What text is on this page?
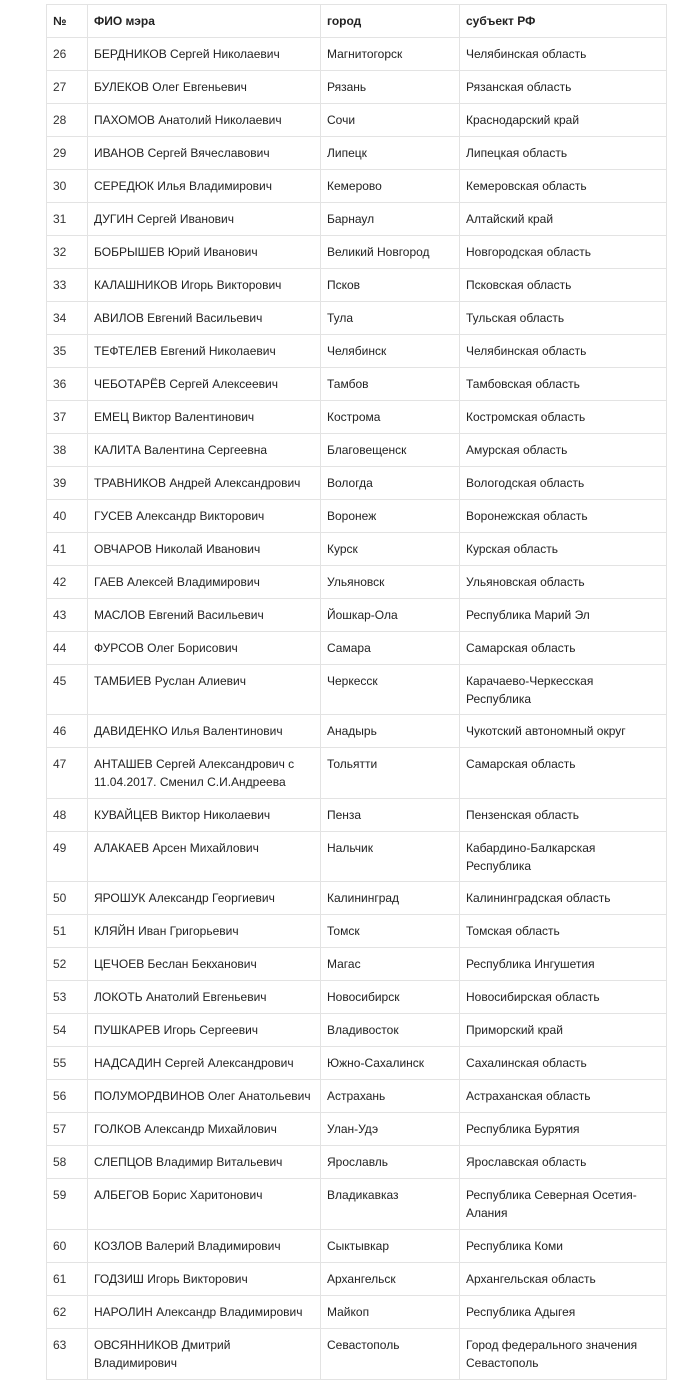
№	ФИО мэра	город	субъект РФ
26	БЕРДНИКОВ Сергей Николаевич	Магнитогорск	Челябинская область
27	БУЛЕКОВ Олег Евгеньевич	Рязань	Рязанская область
28	ПАХОМОВ Анатолий Николаевич	Сочи	Краснодарский край
29	ИВАНОВ Сергей Вячеславович	Липецк	Липецкая область
30	СЕРЕДЮК Илья Владимирович	Кемерово	Кемеровская область
31	ДУГИН Сергей Иванович	Барнаул	Алтайский край
32	БОБРЫШЕВ Юрий Иванович	Великий Новгород	Новгородская область
33	КАЛАШНИКОВ Игорь Викторович	Псков	Псковская область
34	АВИЛОВ Евгений Васильевич	Тула	Тульская область
35	ТЕФТЕЛЕВ Евгений Николаевич	Челябинск	Челябинская область
36	ЧЕБОТАРЁВ Сергей Алексеевич	Тамбов	Тамбовская область
37	ЕМЕЦ Виктор Валентинович	Кострома	Костромская область
38	КАЛИТА Валентина Сергеевна	Благовещенск	Амурская область
39	ТРАВНИКОВ Андрей Александрович	Вологда	Вологодская область
40	ГУСЕВ Александр Викторович	Воронеж	Воронежская область
41	ОВЧАРОВ Николай Иванович	Курск	Курская область
42	ГАЕВ Алексей Владимирович	Ульяновск	Ульяновская область
43	МАСЛОВ Евгений Васильевич	Йошкар-Ола	Республика Марий Эл
44	ФУРСОВ Олег Борисович	Самара	Самарская область
45	ТАМБИЕВ Руслан Алиевич	Черкесск	Карачаево-Черкесская Республика
46	ДАВИДЕНКО Илья Валентинович	Анадырь	Чукотский автономный округ
47	АНТАШЕВ Сергей Александрович с 11.04.2017. Сменил С.И.Андреева	Тольятти	Самарская область
48	КУВАЙЦЕВ Виктор Николаевич	Пенза	Пензенская область
49	АЛАКАЕВ Арсен Михайлович	Нальчик	Кабардино-Балкарская Республика
50	ЯРОШУК Александр Георгиевич	Калининград	Калининградская область
51	КЛЯЙН Иван Григорьевич	Томск	Томская область
52	ЦЕЧОЕВ Беслан Бекханович	Магас	Республика Ингушетия
53	ЛОКОТЬ Анатолий Евгеньевич	Новосибирск	Новосибирская область
54	ПУШКАРЕВ Игорь Сергеевич	Владивосток	Приморский край
55	НАДСАДИН Сергей Александрович	Южно-Сахалинск	Сахалинская область
56	ПОЛУМОРДВИНОВ Олег Анатольевич	Астрахань	Астраханская область
57	ГОЛКОВ Александр Михайлович	Улан-Удэ	Республика Бурятия
58	СЛЕПЦОВ Владимир Витальевич	Ярославль	Ярославская область
59	АЛБЕГОВ Борис Харитонович	Владикавказ	Республика Северная Осетия-Алания
60	КОЗЛОВ Валерий Владимирович	Сыктывкар	Республика Коми
61	ГОДЗИШ Игорь Викторович	Архангельск	Архангельская область
62	НАРОЛИН Александр Владимирович	Майкоп	Республика Адыгея
63	ОВСЯННИКОВ Дмитрий Владимирович	Севастополь	Город федерального значения Севастополь
